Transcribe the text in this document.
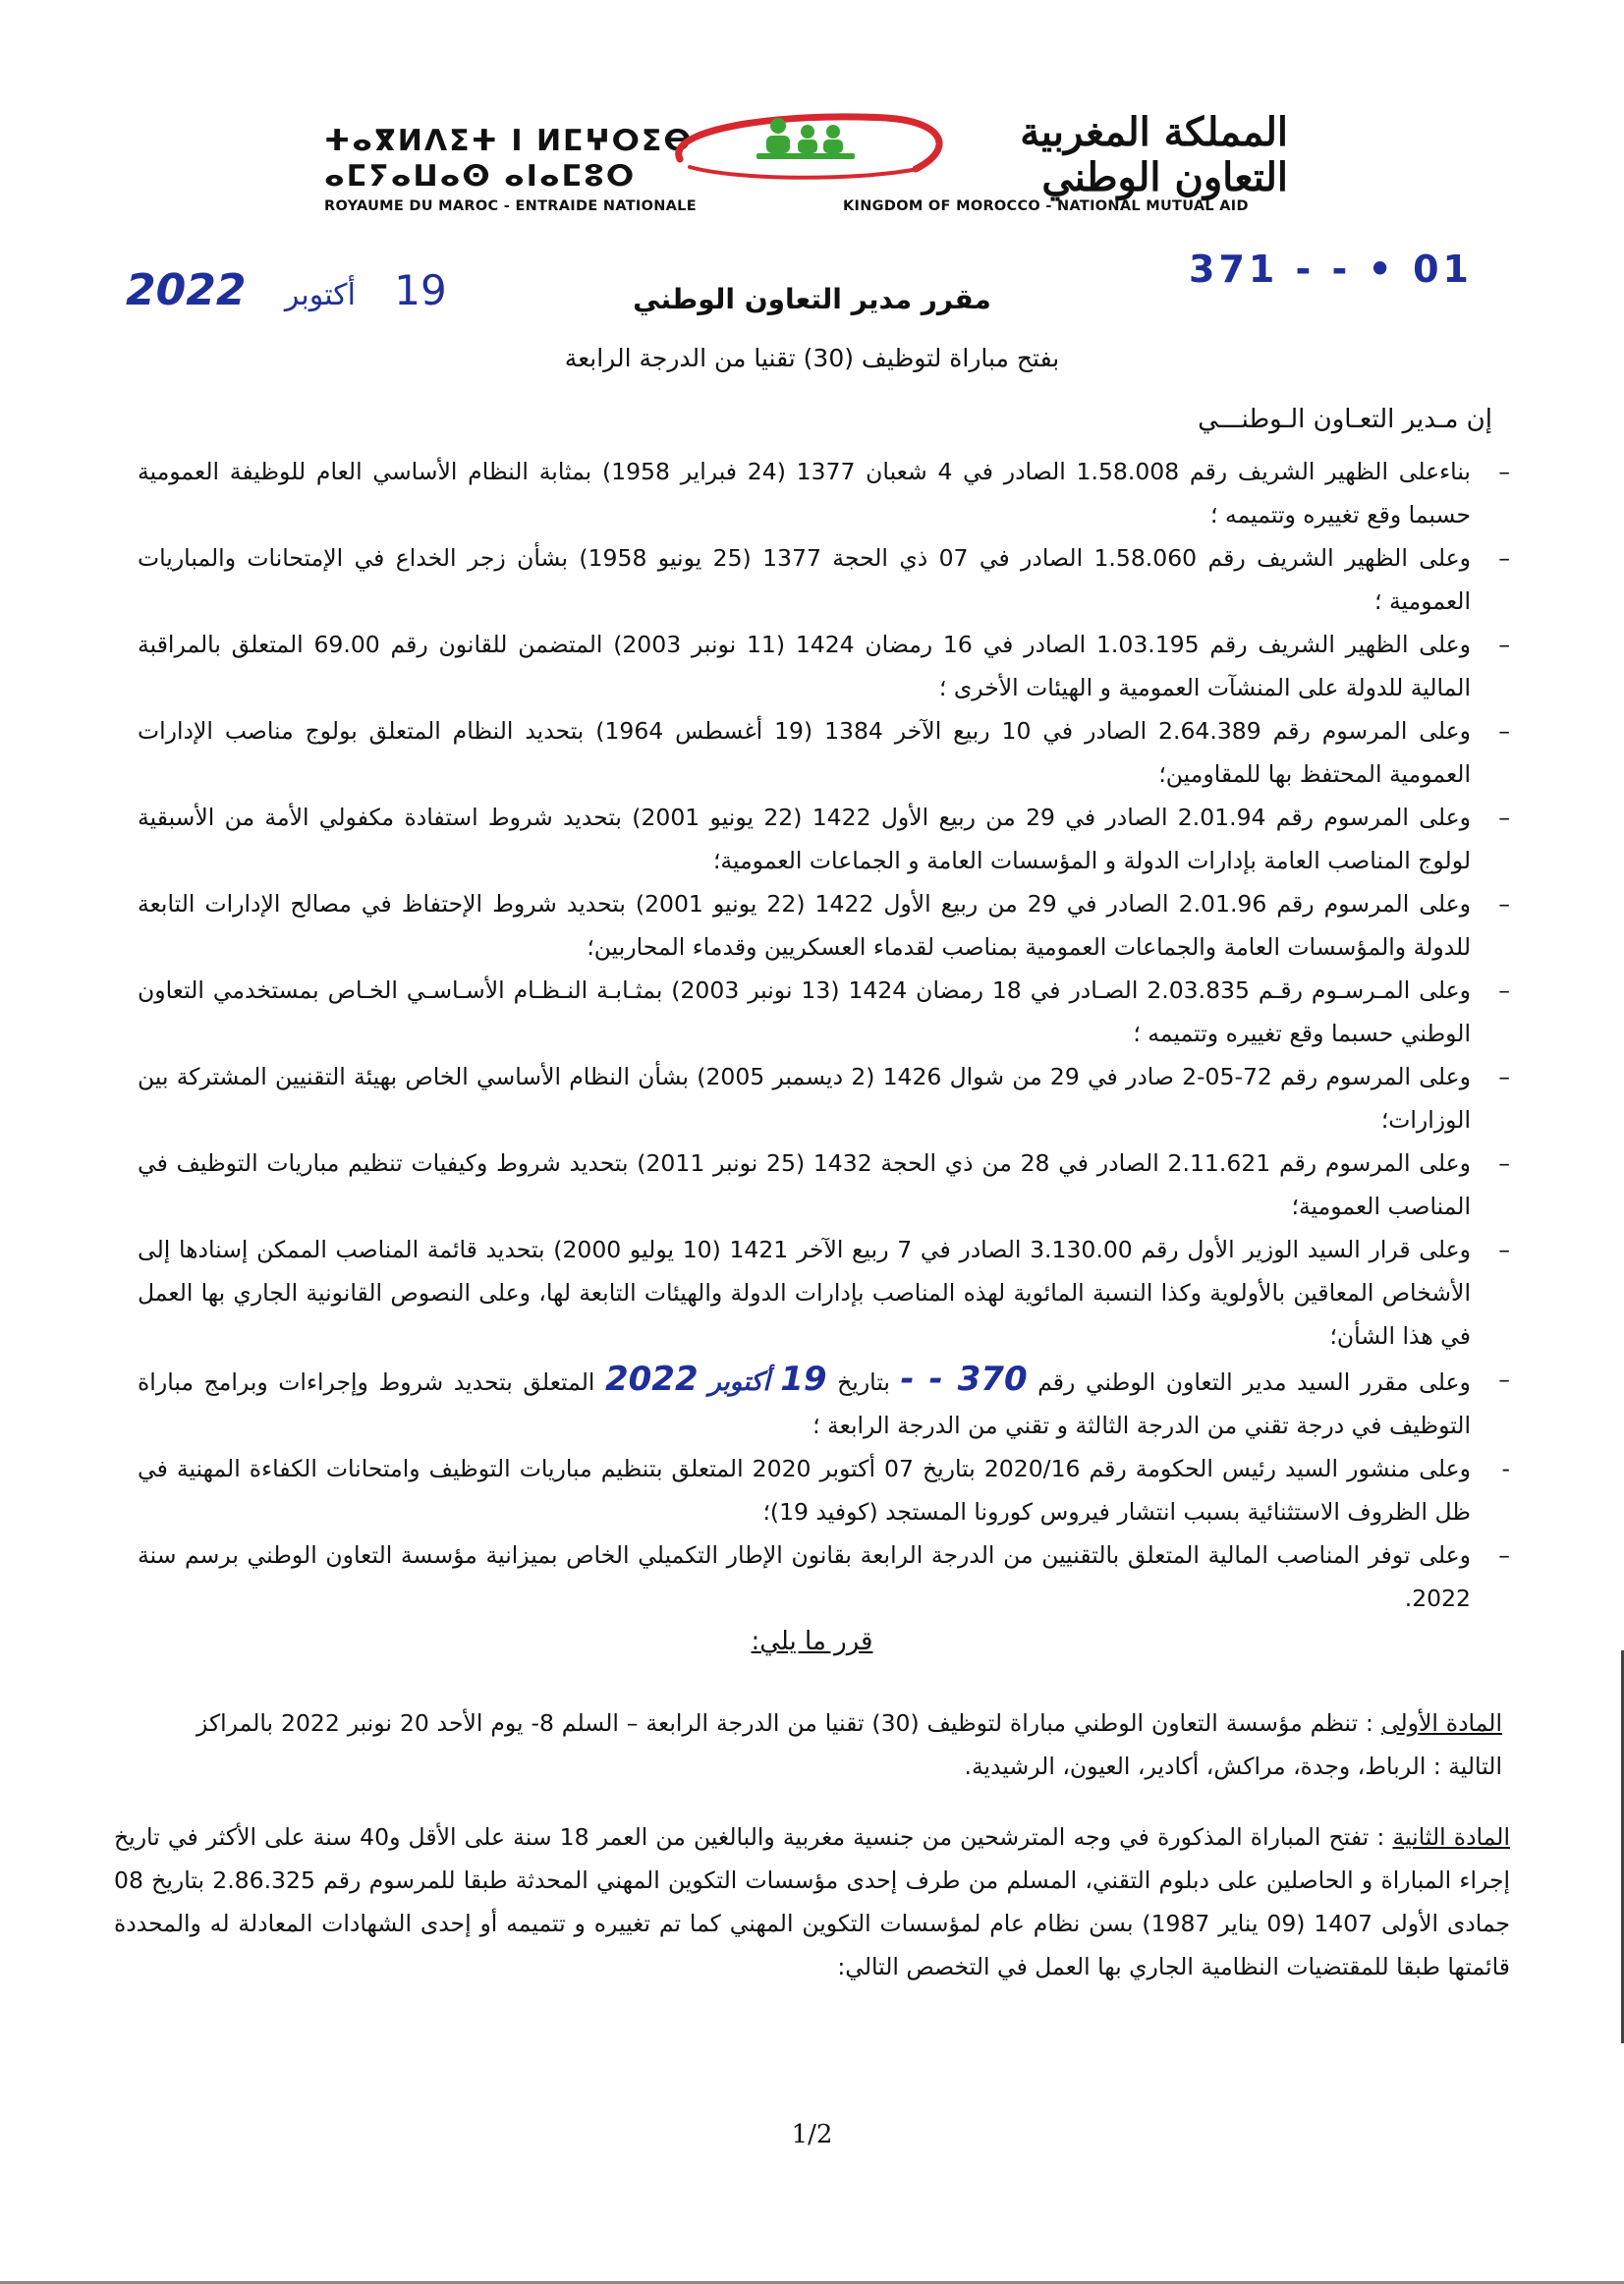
ⵜⴰⴳⵍⴷⵉⵜ ⵏ ⵍⵎⵖⵔⵉⴱ
ⴰⵎⵢⴰⵡⴰⵙ ⴰⵏⴰⵎⵓⵔ
ROYAUME DU MAROC - ENTRAIDE NATIONALE
المملكة المغربية
التعاون الوطني
KINGDOM OF MOROCCO - NATIONAL MUTUAL AID
371 - - • 01
2022 أكتوبر 19	مقرر مدير التعاون الوطني
بفتح مباراة لتوظيف (30) تقنيا من الدرجة الرابعة
إن مـدير التعـاون الـوطنـــي

–
بناءعلى الظهير الشريف رقم 1.58.008 الصادر في 4 شعبان 1377 (24 فبراير 1958) بمثابة النظام الأساسي العام للوظيفة العمومية حسبما وقع تغييره وتتميمه ؛

–
وعلى الظهير الشريف رقم 1.58.060 الصادر في 07 ذي الحجة 1377 (25 يونيو 1958) بشأن زجر الخداع في الإمتحانات والمباريات العمومية ؛

–
وعلى الظهير الشريف رقم 1.03.195 الصادر في 16 رمضان 1424 (11 نونبر 2003) المتضمن للقانون رقم 69.00 المتعلق بالمراقبة المالية للدولة على المنشآت العمومية و الهيئات الأخرى ؛

–
وعلى المرسوم رقم 2.64.389 الصادر في 10 ربيع الآخر 1384 (19 أغسطس 1964) بتحديد النظام المتعلق بولوج مناصب الإدارات العمومية المحتفظ بها للمقاومين؛

–
وعلى المرسوم رقم 2.01.94 الصادر في 29 من ربيع الأول 1422 (22 يونيو 2001) بتحديد شروط استفادة مكفولي الأمة من الأسبقية لولوج المناصب العامة بإدارات الدولة و المؤسسات العامة و الجماعات العمومية؛

–
وعلى المرسوم رقم 2.01.96 الصادر في 29 من ربيع الأول 1422 (22 يونيو 2001) بتحديد شروط الإحتفاظ في مصالح الإدارات التابعة للدولة والمؤسسات العامة والجماعات العمومية بمناصب لقدماء العسكريين وقدماء المحاربين؛

–
وعلى المـرسـوم رقـم 2.03.835 الصـادر في 18 رمضان 1424 (13 نونبر 2003) بمثـابـة النـظـام الأسـاسـي الخـاص بمستخدمي التعاون الوطني حسبما وقع تغييره وتتميمه ؛

–
وعلى المرسوم رقم 72-05-2 صادر في 29 من شوال 1426 (2 ديسمبر 2005) بشأن النظام الأساسي الخاص بهيئة التقنيين المشتركة بين الوزارات؛

–
وعلى المرسوم رقم 2.11.621 الصادر في 28 من ذي الحجة 1432 (25 نونبر 2011) بتحديد شروط وكيفيات تنظيم مباريات التوظيف في المناصب العمومية؛

–
وعلى قرار السيد الوزير الأول رقم 3.130.00 الصادر في 7 ربيع الآخر 1421 (10 يوليو 2000) بتحديد قائمة المناصب الممكن إسنادها إلى الأشخاص المعاقين بالأولوية وكذا النسبة المائوية لهذه المناصب بإدارات الدولة والهيئات التابعة لها، وعلى النصوص القانونية الجاري بها العمل في هذا الشأن؛

–
وعلى مقرر السيد مدير التعاون الوطني رقم 370 - - بتاريخ 19 أكتوبر 2022 المتعلق بتحديد شروط وإجراءات وبرامج مباراة التوظيف في درجة تقني من الدرجة الثالثة و تقني من الدرجة الرابعة ؛

-
وعلى منشور السيد رئيس الحكومة رقم 2020/16 بتاريخ 07 أكتوبر 2020 المتعلق بتنظيم مباريات التوظيف وامتحانات الكفاءة المهنية في ظل الظروف الاستثنائية بسبب انتشار فيروس كورونا المستجد (كوفيد 19)؛

–
وعلى توفر المناصب المالية المتعلق بالتقنيين من الدرجة الرابعة بقانون الإطار التكميلي الخاص بميزانية مؤسسة التعاون الوطني برسم سنة 2022.

قرر ما يلي:
المادة الأولى : تنظم مؤسسة التعاون الوطني مباراة لتوظيف (30) تقنيا من الدرجة الرابعة – السلم 8- يوم الأحد 20 نونبر 2022 بالمراكز التالية : الرباط، وجدة، مراكش، أكادير، العيون، الرشيدية.
المادة الثانية : تفتح المباراة المذكورة في وجه المترشحين من جنسية مغربية والبالغين من العمر 18 سنة على الأقل و40 سنة على الأكثر في تاريخ إجراء المباراة و الحاصلين على دبلوم التقني، المسلم من طرف إحدى مؤسسات التكوين المهني المحدثة طبقا للمرسوم رقم 2.86.325 بتاريخ 08 جمادى الأولى 1407 (09 يناير 1987) بسن نظام عام لمؤسسات التكوين المهني كما تم تغييره و تتميمه أو إحدى الشهادات المعادلة له والمحددة قائمتها طبقا للمقتضيات النظامية الجاري بها العمل في التخصص التالي:
1/2
